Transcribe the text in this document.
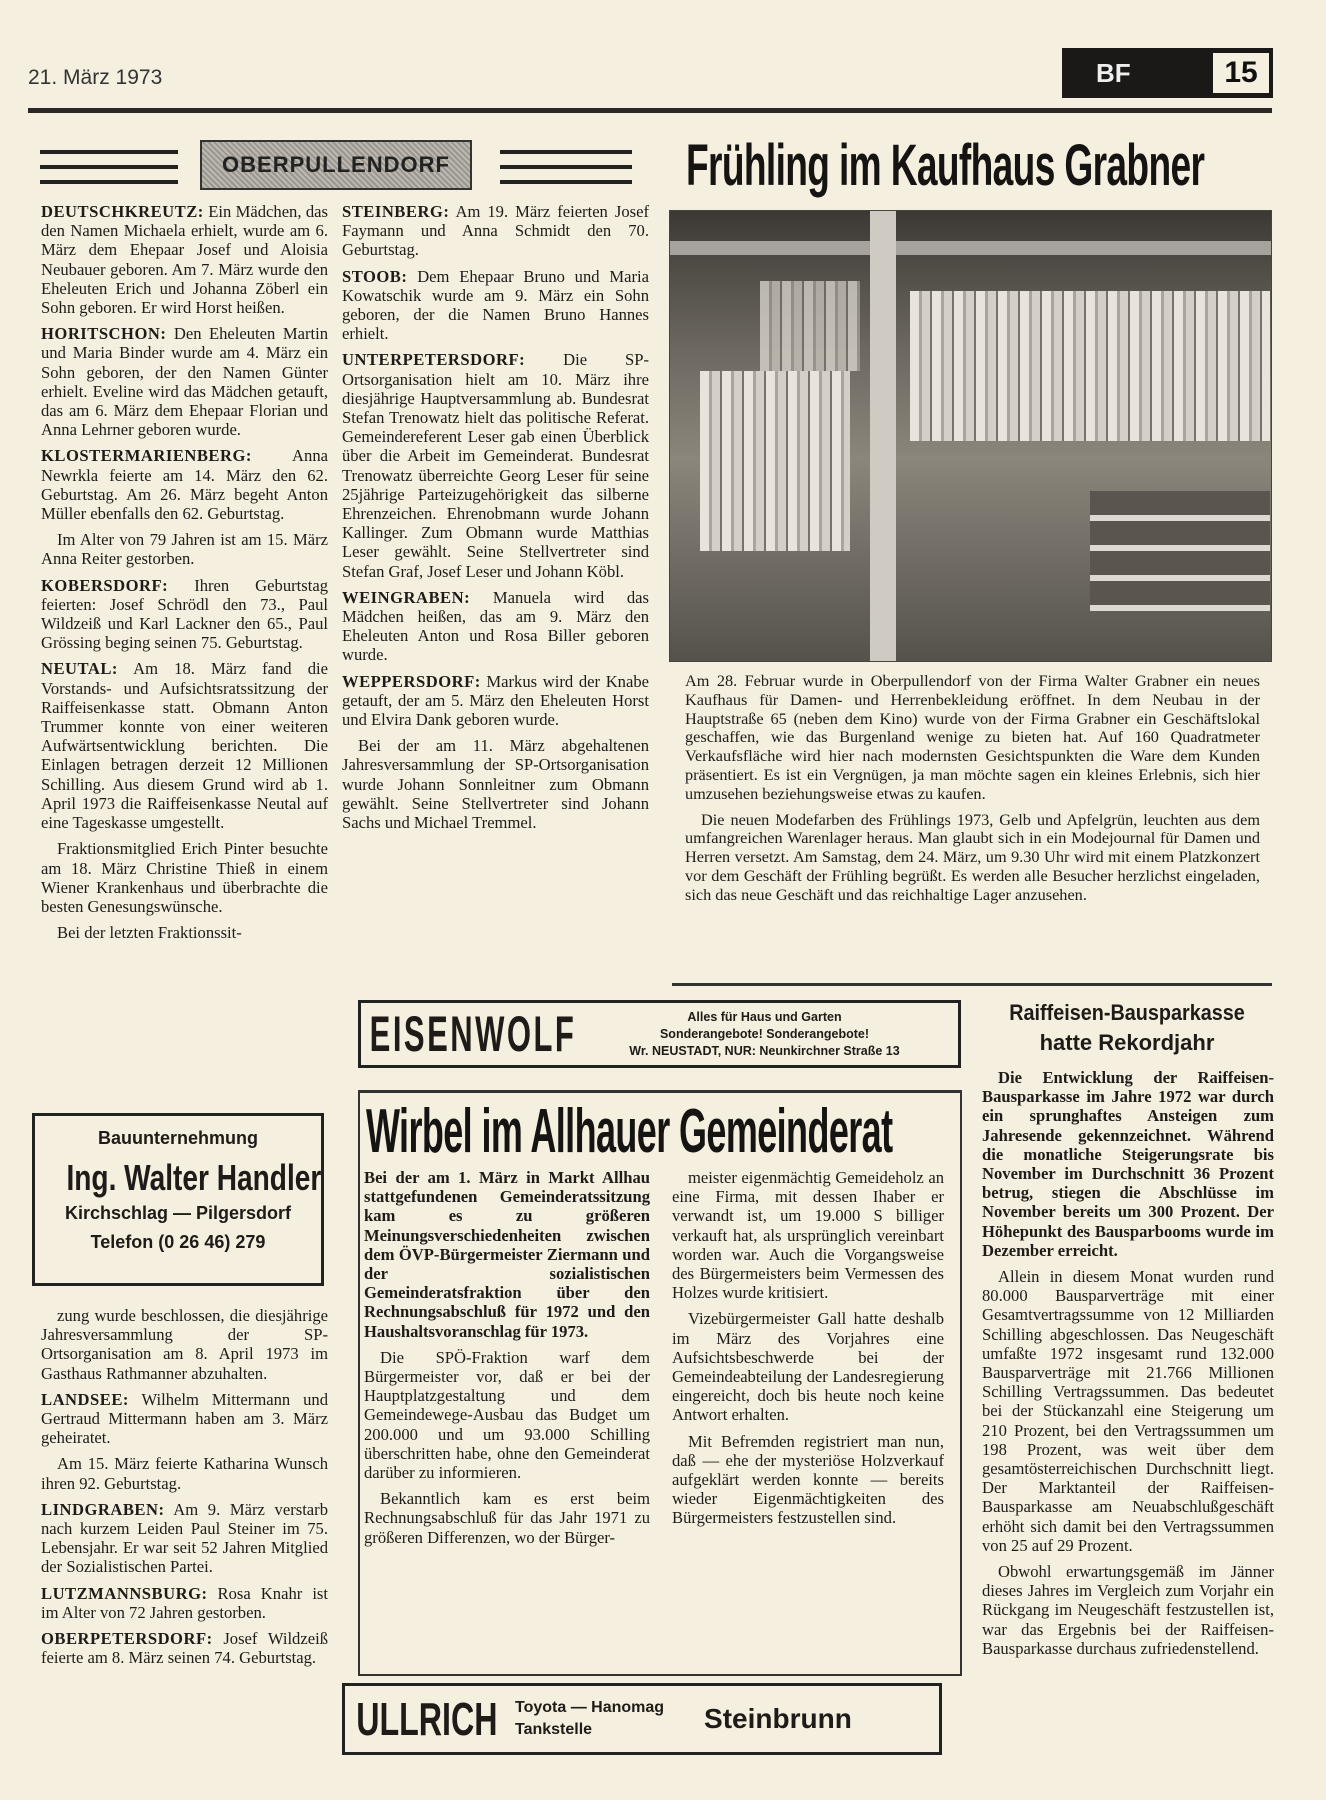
21. März 1973	BF	15
OBERPULLENDORF	Frühling im Kaufhaus Grabner

DEUTSCHKREUTZ: Ein Mädchen, das den Namen Michaela erhielt, wurde am 6. März dem Ehepaar Josef und Aloisia Neubauer geboren. Am 7. März wurde den Eheleuten Erich und Johanna Zöberl ein Sohn geboren. Er wird Horst heißen.

HORITSCHON: Den Eheleuten Martin und Maria Binder wurde am 4. März ein Sohn geboren, der den Namen Günter erhielt. Eveline wird das Mädchen getauft, das am 6. März dem Ehepaar Florian und Anna Lehrner geboren wurde.

KLOSTERMARIENBERG: Anna Newrkla feierte am 14. März den 62. Geburtstag. Am 26. März begeht Anton Müller ebenfalls den 62. Geburtstag.

Im Alter von 79 Jahren ist am 15. März Anna Reiter gestorben.

KOBERSDORF: Ihren Geburtstag feierten: Josef Schrödl den 73., Paul Wildzeiß und Karl Lackner den 65., Paul Grössing beging seinen 75. Geburtstag.

NEUTAL: Am 18. März fand die Vorstands- und Aufsichtsratssitzung der Raiffeisenkasse statt. Obmann Anton Trummer konnte von einer weiteren Aufwärtsentwicklung berichten. Die Einlagen betragen derzeit 12 Millionen Schilling. Aus diesem Grund wird ab 1. April 1973 die Raiffeisenkasse Neutal auf eine Tageskasse umgestellt.

Fraktionsmitglied Erich Pinter besuchte am 18. März Christine Thieß in einem Wiener Krankenhaus und überbrachte die besten Genesungswünsche.

Bei der letzten Fraktionssit-

Bauunternehmung
Ing. Walter Handler
Kirchschlag — Pilgersdorf
Telefon (0 26 46) 279

zung wurde beschlossen, die diesjährige Jahresversammlung der SP-Ortsorganisation am 8. April 1973 im Gasthaus Rathmanner abzuhalten.

LANDSEE: Wilhelm Mittermann und Gertraud Mittermann haben am 3. März geheiratet.

Am 15. März feierte Katharina Wunsch ihren 92. Geburtstag.

LINDGRABEN: Am 9. März verstarb nach kurzem Leiden Paul Steiner im 75. Lebensjahr. Er war seit 52 Jahren Mitglied der Sozialistischen Partei.

LUTZMANNSBURG: Rosa Knahr ist im Alter von 72 Jahren gestorben.

OBERPETERSDORF: Josef Wildzeiß feierte am 8. März seinen 74. Geburtstag.

STEINBERG: Am 19. März feierten Josef Faymann und Anna Schmidt den 70. Geburtstag.

STOOB: Dem Ehepaar Bruno und Maria Kowatschik wurde am 9. März ein Sohn geboren, der die Namen Bruno Hannes erhielt.

UNTERPETERSDORF: Die SP-Ortsorganisation hielt am 10. März ihre diesjährige Hauptversammlung ab. Bundesrat Stefan Trenowatz hielt das politische Referat. Gemeindereferent Leser gab einen Überblick über die Arbeit im Gemeinderat. Bundesrat Trenowatz überreichte Georg Leser für seine 25jährige Parteizugehörigkeit das silberne Ehrenzeichen. Ehrenobmann wurde Johann Kallinger. Zum Obmann wurde Matthias Leser gewählt. Seine Stellvertreter sind Stefan Graf, Josef Leser und Johann Köbl.

WEINGRABEN: Manuela wird das Mädchen heißen, das am 9. März den Eheleuten Anton und Rosa Biller geboren wurde.

WEPPERSDORF: Markus wird der Knabe getauft, der am 5. März den Eheleuten Horst und Elvira Dank geboren wurde.

Bei der am 11. März abgehaltenen Jahresversammlung der SP-Ortsorganisation wurde Johann Sonnleitner zum Obmann gewählt. Seine Stellvertreter sind Johann Sachs und Michael Tremmel.

Am 28. Februar wurde in Oberpullendorf von der Firma Walter Grabner ein neues Kaufhaus für Damen- und Herrenbekleidung eröffnet. In dem Neubau in der Hauptstraße 65 (neben dem Kino) wurde von der Firma Grabner ein Geschäftslokal geschaffen, wie das Burgenland wenige zu bieten hat. Auf 160 Quadratmeter Verkaufsfläche wird hier nach modernsten Gesichtspunkten die Ware dem Kunden präsentiert. Es ist ein Vergnügen, ja man möchte sagen ein kleines Erlebnis, sich hier umzusehen beziehungsweise etwas zu kaufen.

Die neuen Modefarben des Frühlings 1973, Gelb und Apfelgrün, leuchten aus dem umfangreichen Warenlager heraus. Man glaubt sich in ein Modejournal für Damen und Herren versetzt. Am Samstag, dem 24. März, um 9.30 Uhr wird mit einem Platzkonzert vor dem Geschäft der Frühling begrüßt. Es werden alle Besucher herzlichst eingeladen, sich das neue Geschäft und das reichhaltige Lager anzusehen.

EISENWOLF	Alles für Haus und Garten
Sonderangebote! Sonderangebote!
Wr. NEUSTADT, NUR: Neunkirchner Straße 13
Wirbel im Allhauer Gemeinderat

Bei der am 1. März in Markt Allhau stattgefundenen Gemeinderatssitzung kam es zu größeren Meinungsverschiedenheiten zwischen dem ÖVP-Bürgermeister Ziermann und der sozialistischen Gemeinderatsfraktion über den Rechnungsabschluß für 1972 und den Haushaltsvoranschlag für 1973.

Die SPÖ-Fraktion warf dem Bürgermeister vor, daß er bei der Hauptplatzgestaltung und dem Gemeindewege-Ausbau das Budget um 200.000 und um 93.000 Schilling überschritten habe, ohne den Gemeinderat darüber zu informieren.

Bekanntlich kam es erst beim Rechnungsabschluß für das Jahr 1971 zu größeren Differenzen, wo der Bürger-

meister eigenmächtig Gemeideholz an eine Firma, mit dessen Ihaber er verwandt ist, um 19.000 S billiger verkauft hat, als ursprünglich vereinbart worden war. Auch die Vorgangsweise des Bürgermeisters beim Vermessen des Holzes wurde kritisiert.

Vizebürgermeister Gall hatte deshalb im März des Vorjahres eine Aufsichtsbeschwerde bei der Gemeindeabteilung der Landesregierung eingereicht, doch bis heute noch keine Antwort erhalten.

Mit Befremden registriert man nun, daß — ehe der mysteriöse Holzverkauf aufgeklärt werden konnte — bereits wieder Eigenmächtigkeiten des Bürgermeisters festzustellen sind.

Raiffeisen-Bausparkasse
hatte Rekordjahr

Die Entwicklung der Raiffeisen-Bausparkasse im Jahre 1972 war durch ein sprunghaftes Ansteigen zum Jahresende gekennzeichnet. Während die monatliche Steigerungsrate bis November im Durchschnitt 36 Prozent betrug, stiegen die Abschlüsse im November bereits um 300 Prozent. Der Höhepunkt des Bausparbooms wurde im Dezember erreicht.

Allein in diesem Monat wurden rund 80.000 Bausparverträge mit einer Gesamtvertragssumme von 12 Milliarden Schilling abgeschlossen. Das Neugeschäft umfaßte 1972 insgesamt rund 132.000 Bausparverträge mit 21.766 Millionen Schilling Vertragssummen. Das bedeutet bei der Stückanzahl eine Steigerung um 210 Prozent, bei den Vertragssummen um 198 Prozent, was weit über dem gesamtösterreichischen Durchschnitt liegt. Der Marktanteil der Raiffeisen-Bausparkasse am Neuabschlußgeschäft erhöht sich damit bei den Vertragssummen von 25 auf 29 Prozent.

Obwohl erwartungsgemäß im Jänner dieses Jahres im Vergleich zum Vorjahr ein Rückgang im Neugeschäft festzustellen ist, war das Ergebnis bei der Raiffeisen-Bausparkasse durchaus zufriedenstellend.

ULLRICH Toyota — Hanomag
Tankstelle	Steinbrunn
